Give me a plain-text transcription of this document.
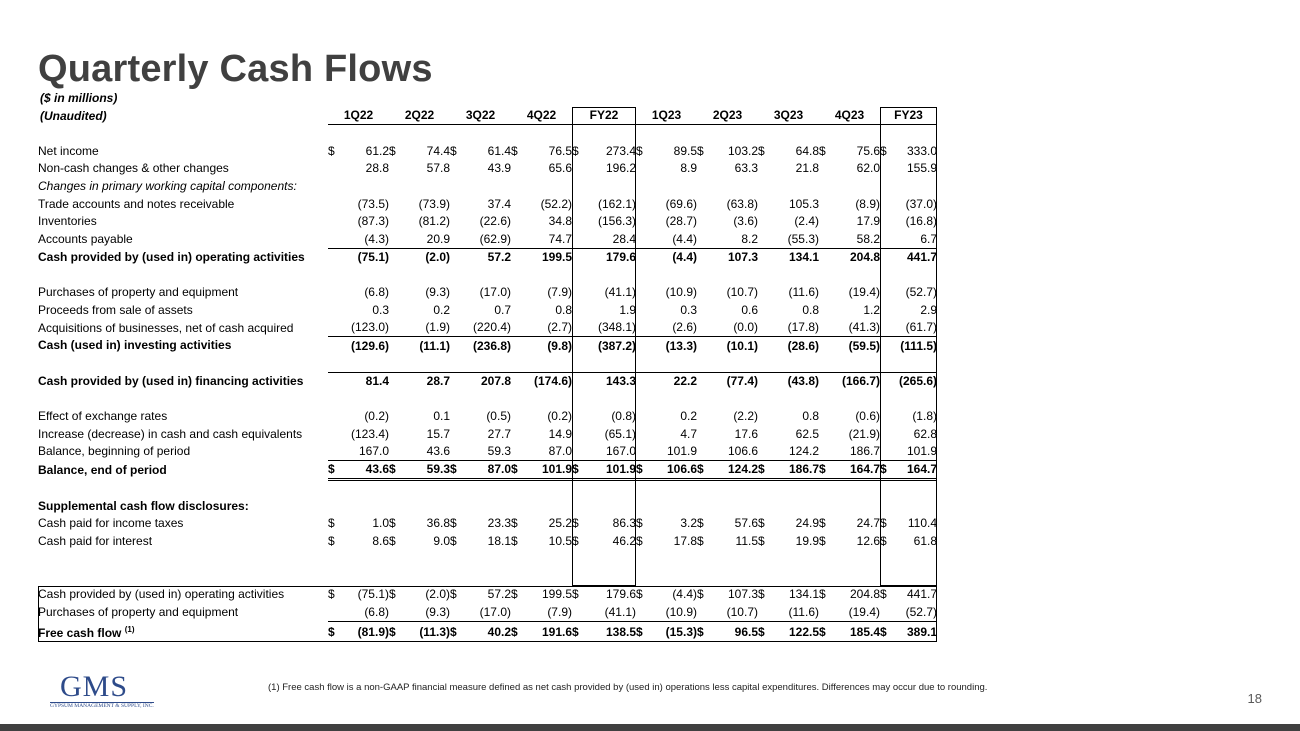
Quarterly Cash Flows
($ in millions)
(Unaudited)
		1Q22		2Q22		3Q22		4Q22		FY22		1Q23		2Q23		3Q23		4Q23		FY23	

Net income	$	61.2	$	74.4	$	61.4	$	76.5	$	273.4	$	89.5	$	103.2	$	64.8	$	75.6	$	333.0
Non-cash changes & other changes		28.8		57.8		43.9		65.6		196.2		8.9		63.3		21.8		62.0		155.9
Changes in primary working capital components:																				
Trade accounts and notes receivable		(73.5)		(73.9)		37.4		(52.2)		(162.1)		(69.6)		(63.8)		105.3		(8.9)		(37.0)
Inventories		(87.3)		(81.2)		(22.6)		34.8		(156.3)		(28.7)		(3.6)		(2.4)		17.9		(16.8)
Accounts payable		(4.3)		20.9		(62.9)		74.7		28.4		(4.4)		8.2		(55.3)		58.2		6.7
Cash provided by (used in) operating activities		(75.1)		(2.0)		57.2		199.5		179.6		(4.4)		107.3		134.1		204.8		441.7

Purchases of property and equipment		(6.8)		(9.3)		(17.0)		(7.9)		(41.1)		(10.9)		(10.7)		(11.6)		(19.4)		(52.7)
Proceeds from sale of assets		0.3		0.2		0.7		0.8		1.9		0.3		0.6		0.8		1.2		2.9
Acquisitions of businesses, net of cash acquired		(123.0)		(1.9)		(220.4)		(2.7)		(348.1)		(2.6)		(0.0)		(17.8)		(41.3)		(61.7)
Cash (used in) investing activities		(129.6)		(11.1)		(236.8)		(9.8)		(387.2)		(13.3)		(10.1)		(28.6)		(59.5)		(111.5)

Cash provided by (used in) financing activities		81.4		28.7		207.8		(174.6)		143.3		22.2		(77.4)		(43.8)		(166.7)		(265.6)

Effect of exchange rates		(0.2)		0.1		(0.5)		(0.2)		(0.8)		0.2		(2.2)		0.8		(0.6)		(1.8)
Increase (decrease) in cash and cash equivalents		(123.4)		15.7		27.7		14.9		(65.1)		4.7		17.6		62.5		(21.9)		62.8
Balance, beginning of period		167.0		43.6		59.3		87.0		167.0		101.9		106.6		124.2		186.7		101.9
Balance, end of period	$	43.6	$	59.3	$	87.0	$	101.9	$	101.9	$	106.6	$	124.2	$	186.7	$	164.7	$	164.7

Supplemental cash flow disclosures:																				
Cash paid for income taxes	$	1.0	$	36.8	$	23.3	$	25.2	$	86.3	$	3.2	$	57.6	$	24.9	$	24.7	$	110.4
Cash paid for interest	$	8.6	$	9.0	$	18.1	$	10.5	$	46.2	$	17.8	$	11.5	$	19.9	$	12.6	$	61.8

Cash provided by (used in) operating activities	$	(75.1)	$	(2.0)	$	57.2	$	199.5	$	179.6	$	(4.4)	$	107.3	$	134.1	$	204.8	$	441.7
Purchases of property and equipment		(6.8)		(9.3)		(17.0)		(7.9)		(41.1)		(10.9)		(10.7)		(11.6)		(19.4)		(52.7)
Free cash flow $^{(1)}$	$	(81.9)	$	(11.3)	$	40.2	$	191.6	$	138.5	$	(15.3)	$	96.5	$	122.5	$	185.4	$	389.1
GMS
GYPSUM MANAGEMENT & SUPPLY, INC.
(1) Free cash flow is a non-GAAP financial measure defined as net cash provided by (used in) operations less capital expenditures. Differences may occur due to rounding.
18
